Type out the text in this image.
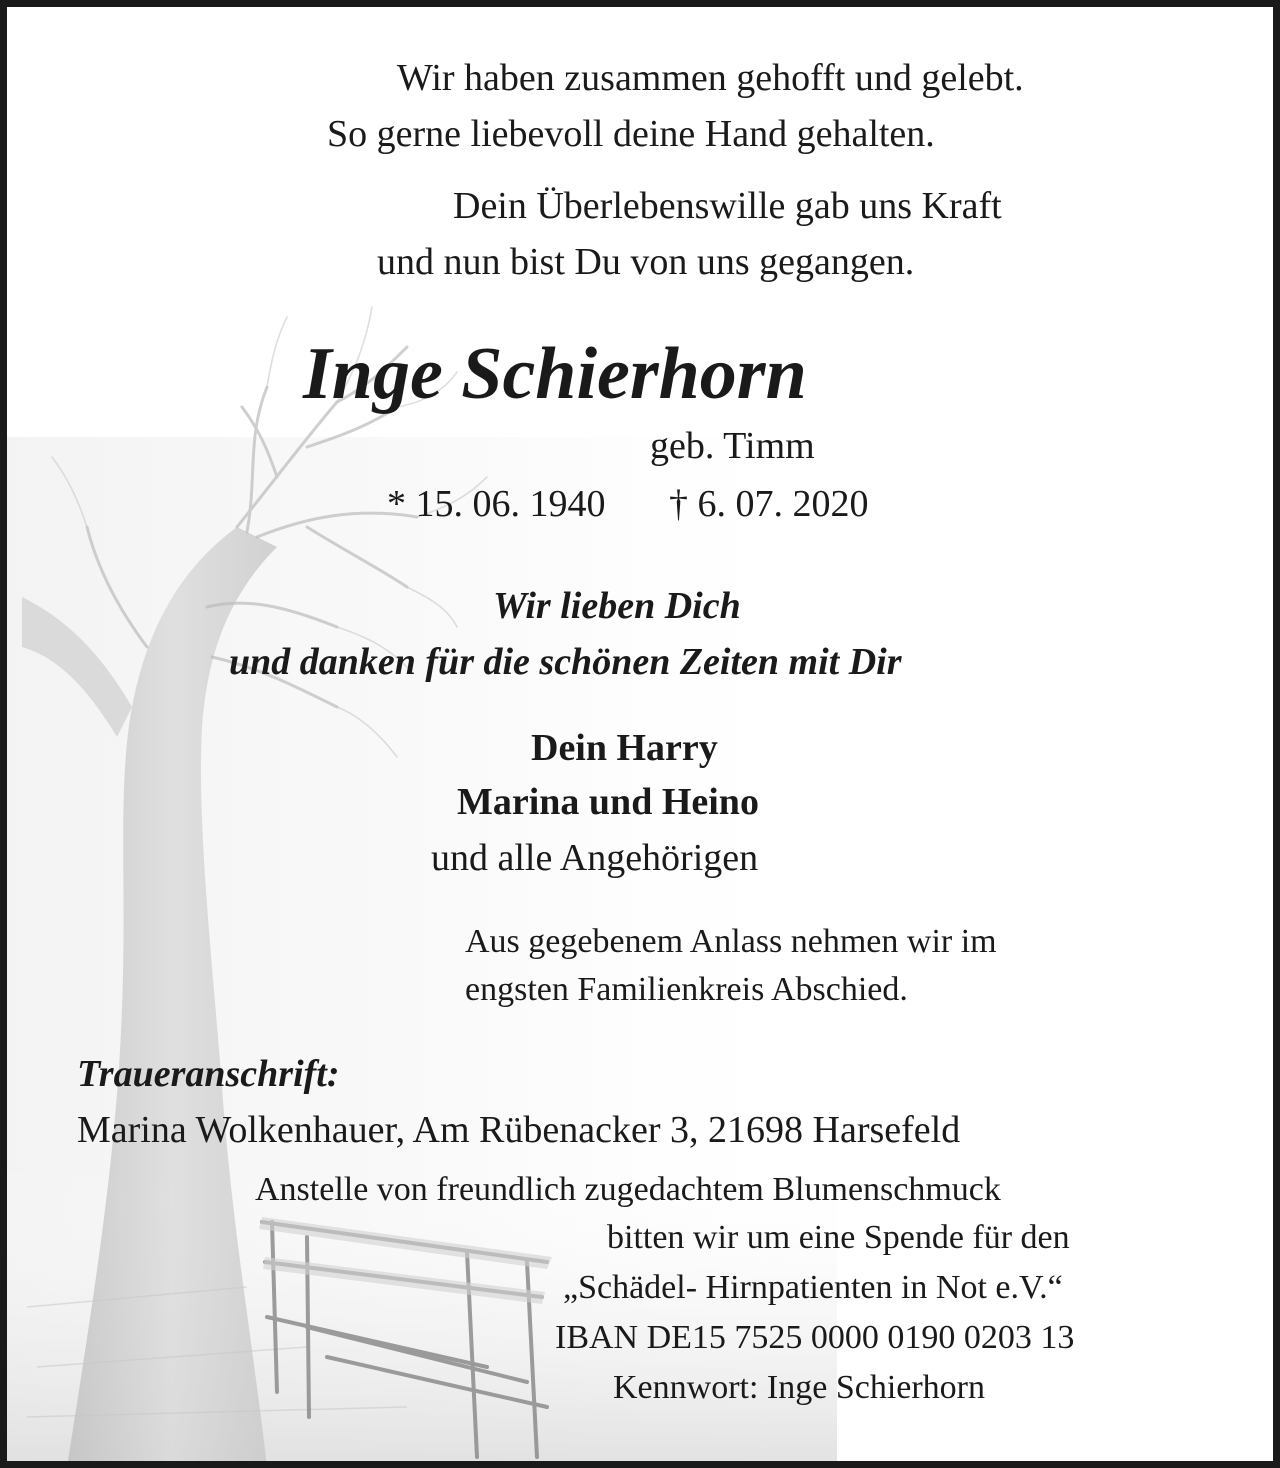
Wir haben zusammen gehofft und gelebt.
So gerne liebevoll deine Hand gehalten.
Dein Überlebenswille gab uns Kraft
und nun bist Du von uns gegangen.
Inge Schierhorn
geb. Timm
* 15. 06. 1940 † 6. 07. 2020
Wir lieben Dich
und danken für die schönen Zeiten mit Dir
Dein Harry
Marina und Heino
und alle Angehörigen
Aus gegebenem Anlass nehmen wir im
engsten Familienkreis Abschied.
Traueranschrift:
Marina Wolkenhauer, Am Rübenacker 3, 21698 Harsefeld
Anstelle von freundlich zugedachtem Blumenschmuck
bitten wir um eine Spende für den
„Schädel- Hirnpatienten in Not e.V.“
IBAN DE15 7525 0000 0190 0203 13
Kennwort: Inge Schierhorn
